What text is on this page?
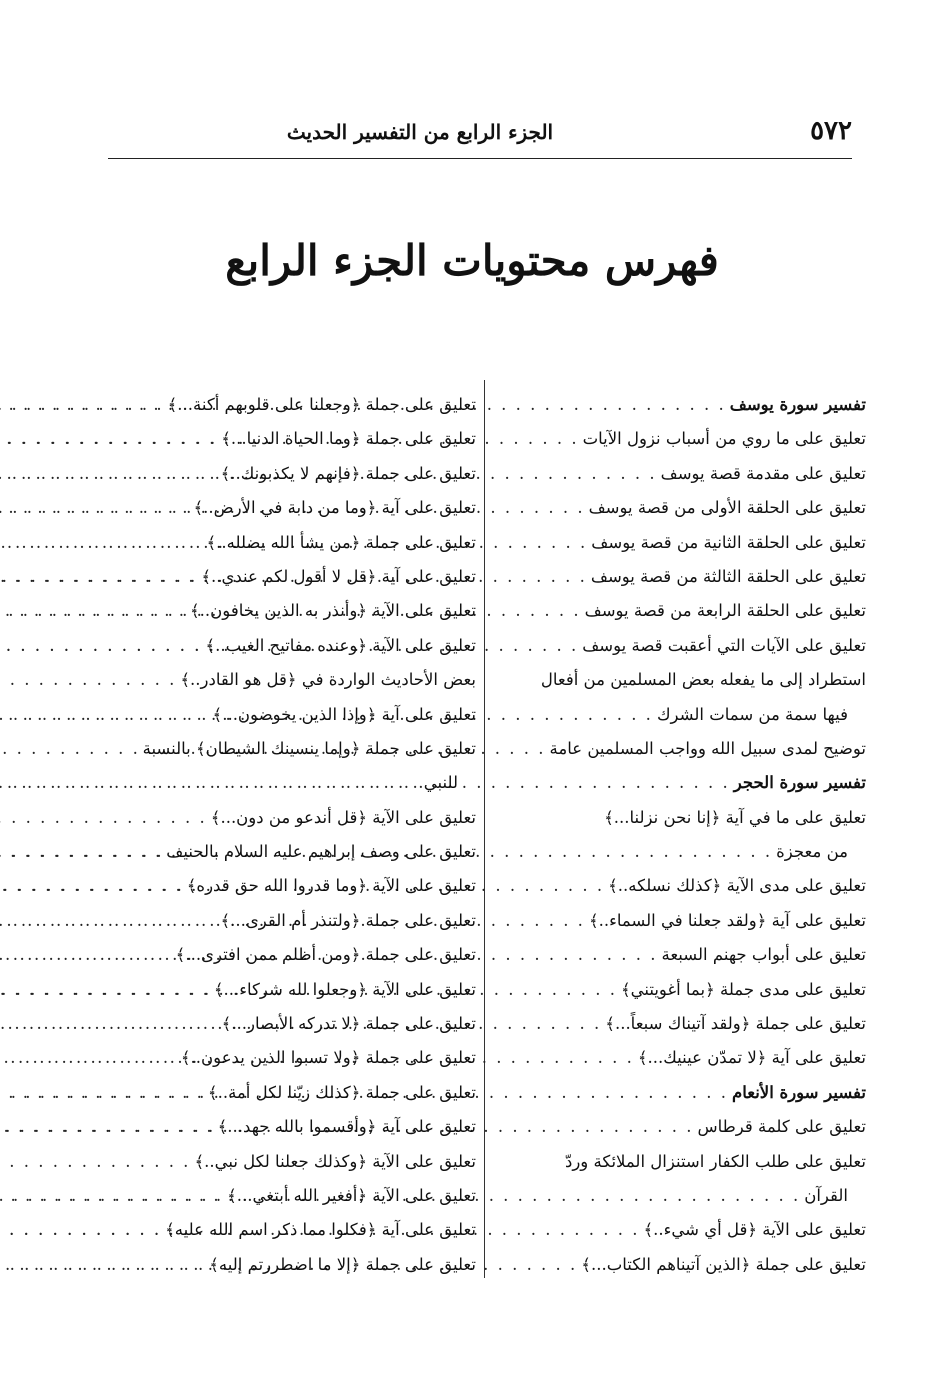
٥٧٢
الجزء الرابع من التفسير الحديث
فهرس محتويات الجزء الرابع
تفسير سورة يوسف
. . .
تعليق على ما روي من أسباب نزول الآيات
. . .
تعليق على مقدمة قصة يوسف
. . .
تعليق على الحلقة الأولى من قصة يوسف
. . .
تعليق على الحلقة الثانية من قصة يوسف
. . .
تعليق على الحلقة الثالثة من قصة يوسف
. . .
تعليق على الحلقة الرابعة من قصة يوسف
. . .
تعليق على الآيات التي أعقبت قصة يوسف
. . .
استطراد إلى ما يفعله بعض المسلمين من أفعال
فيها سمة من سمات الشرك
. . .
توضيح لمدى سبيل الله وواجب المسلمين عامة
. . .
تفسير سورة الحجر
. . .
تعليق على ما في آية ﴿إنا نحن نزلنا...﴾
من معجزة
. . .
تعليق على مدى الآية ﴿كذلك نسلكه..﴾
. . .
تعليق على آية ﴿ولقد جعلنا في السماء..﴾
. . .
تعليق على أبواب جهنم السبعة
. . .
تعليق على مدى جملة ﴿بما أغويتني﴾
. . .
تعليق على جملة ﴿ولقد آتيناك سبعاً...﴾
. . .
تعليق على آية ﴿لا تمدّن عينيك...﴾
. . .
تفسير سورة الأنعام
. . .
تعليق على كلمة قرطاس
. . .
تعليق على طلب الكفار استنزال الملائكة وردّ
القرآن
. . .
تعليق على الآية ﴿قل أي شيء..﴾
. . .
تعليق على جملة ﴿الذين آتيناهم الكتاب...﴾
. . .
تعليق على جملة ﴿وجعلنا على قلوبهم أكنة...﴾
. . .
تعليق على جملة ﴿وما الحياة الدنيا...﴾
. . .
تعليق على جملة ﴿فإنهم لا يكذبونك..﴾
. . .
تعليق على آية ﴿وما من دابة في الأرض..﴾
. . .
تعليق على جملة ﴿من يشأ الله يضلله..﴾
. . .
تعليق على آية ﴿قل لا أقول لكم عندي..﴾
. . .
تعليق على الآية ﴿وأنذر به الذين يخافون..﴾
. . .
تعليق على الآية ﴿وعنده مفاتيح الغيب..﴾
. . .
بعض الأحاديث الواردة في ﴿قل هو القادر..﴾
. . .
تعليق على آية ﴿وإذا الذين يخوضون...﴾
. . .
تعليق على جملة ﴿وإما ينسينك الشيطان﴾ بالنسبة
للنبي
. . .
تعليق على الآية ﴿قل أندعو من دون...﴾
. . .
تعليق على وصف إبراهيم عليه السلام بالحنيف
. . .
تعليق على الآية ﴿وما قدروا الله حق قدره﴾
. . .
تعليق على جملة ﴿ولتنذر أم القرى...﴾
. . .
تعليق على جملة ﴿ومن أظلم ممن افترى...﴾
. . .
تعليق على الآية ﴿وجعلوا لله شركاء...﴾
. . .
تعليق على جملة ﴿لا تدركه الأبصار...﴾
. . .
تعليق على جملة ﴿ولا تسبوا الذين يدعون..﴾
. . .
تعليق على جملة ﴿كذلك زيّنا لكل أمة..﴾
. . .
تعليق على آية ﴿وأقسموا بالله جهد...﴾
. . .
تعليق على الآية ﴿وكذلك جعلنا لكل نبي..﴾
. . .
تعليق على الآية ﴿أفغير الله أبتغي...﴾
. . .
تعليق على آية ﴿فكلوا مما ذكر اسم الله عليه﴾
. . .
تعليق على جملة ﴿إلا ما اضطررتم إليه﴾
. . .
